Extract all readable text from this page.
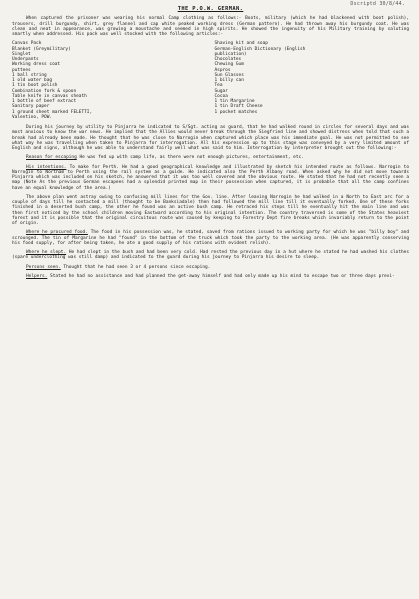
Dscriptd 30/8/44.
THE P.O.W. GERMAN.

When captured the prisoner was wearing his normal Camp clothing as follows:- Boots, military (which he had blackened with boot polish), trousers, drill burgundy, shirt, grey flannel and cap white peaked working dress (German pattern). He had thrown away his burgundy coat. He was clean and neat in appearance, was growing a moustache and seemed in high spirits. He showed the ingenuity of his Military training by saluting smartly when addressed. His pack was well stocked with the following articles:-

Canvas Pack
Blanket (Greymilitary)
Singlet
Underpants
Working dress coat
puttees
1 ball string
1 old water bag
1 tin boot polish
Combination fork & spoon
Table knife in canvas sheath
1 bottle of beef extract
Sanitary paper
1 ground sheet marked FELETTI,
Valentino, POW.
Shaving kit and soap
German-English Dictionary (English
publication)
Chocolates
Chewing Gum
Aspros
Sun Glasses
1 billy can
Tea
Sugar
Cocoa
1 tin Margarine
1 tin Draft Cheese
1 pocket matches

During his journey by utility to Pinjarra he indicated to S/Sgt. acting as guard, that he had walked round in circles for several days and was most anxious to know the war news. He implied that the Allies would never break through the Siegfried line and showed distress when told that such a break had already been made. He thought that he was close to Narrogin when captured which place was his immediate goal. He was not permitted to see what way he was travelling when taken to Pinjarra for interrogation. All his expression up to this stage was conveyed by a very limited amount of English and signs, although he was able to understand fairly well what was said to him. Interrogation by interpreter brought out the following:-

Reason for escaping He was fed up with camp life, as there were not enough pictures, entertainment, etc.

His intentions. To make for Perth. He had a good geographical knowledge and illustrated by sketch his intended route as follows. Narrogin to Narrogin to Northam to Perth using the rail system as a guide. He indicated also the Perth Albany road. When asked why he did not move towards Pinjarra which was included on his sketch, he answered that it was too well covered and the obvious route. He stated that he had not recently seen a map (Note As the previous German escapees had a splendid printed map in their possession when captured, it is probable that all the camp confines have an equal knowledge of the area.)

The above plan went astray owing to confusing mill lines for the Gov. line. After leaving Narrogin he had walked in a North to East arc for a couple of days till he contacted a mill (thought to be Banksiadale) then had followed the mill line till it eventually forked. One of these forks finished in a deserted bush camp, the other he found was an active bush camp. He retraced his steps till he eventually hit the main line and was then first noticed by the school children moving Eastward according to his original intention. The country traversed is some of the States heaviest forest and it is possible that the original circuitous route was caused by keeping to Forestry Dept fire breaks which invariably return to the point of origin.

Where he procured food. The food in his possession was, he stated, saved from rations issued to working party for which he was "billy boy" and scrounged. The tin of Margarine he had "found" in the bottom of the truck which took the party to the working area. (He was apparently conserving his food supply, for after being taken, he ate a good supply of his rations with evident relish).

Where he slept. He had slept in the bush and had been very cold. Had rested the previous day in a hut where he stated he had washed his clothes (spare underclothing was still damp) and indicated to the guard during his journey to Pinjarra his desire to sleep.

Persons seen. Thought that he had seen 3 or 4 persons since escaping.

Helpers. Stated he had no assistance and had planned the get-away himself and had only made up his mind to escape two or three days previ-
